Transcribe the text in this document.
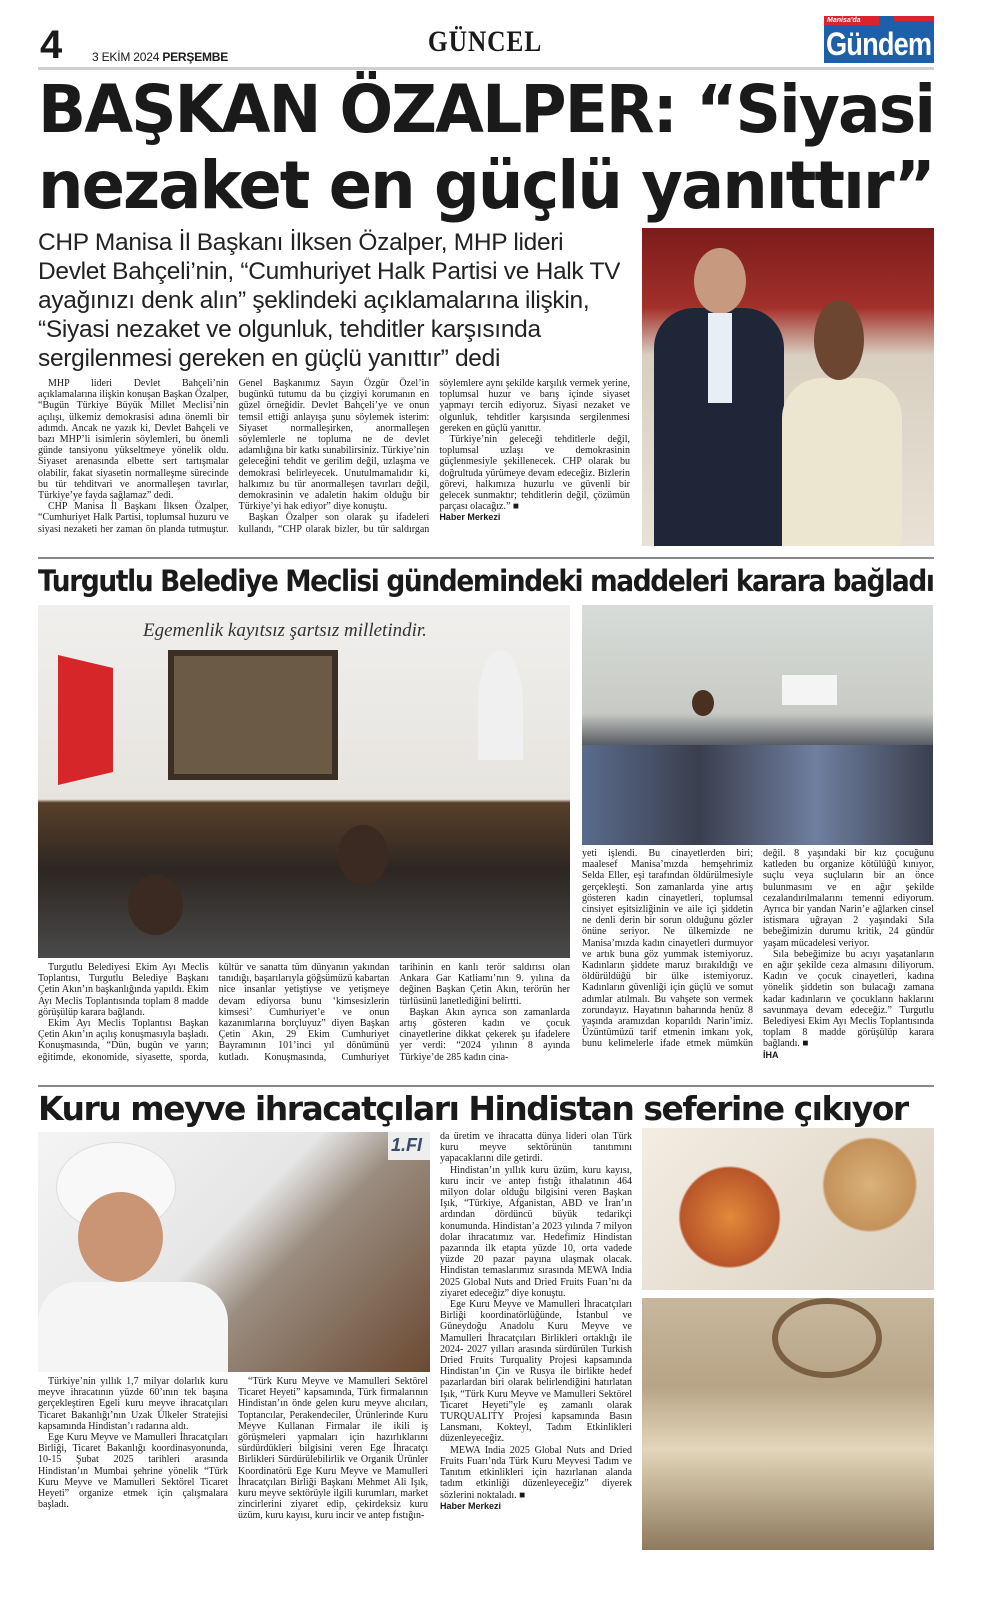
4 3 EKİM 2024 PERŞEMBE	GÜNCEL
Manisa'da
Gündem
BAŞKAN ÖZALPER: “Siyasi
nezaket en güçlü yanıttır”
CHP Manisa İl Başkanı İlksen Özalper, MHP lideri Devlet Bahçeli’nin, “Cumhuriyet Halk Partisi ve Halk TV ayağınızı denk alın” şeklindeki açıklamalarına ilişkin, “Siyasi nezaket ve olgunluk, tehditler karşısında sergilenmesi gereken en güçlü yanıttır” dedi

MHP lideri Devlet Bahçeli’nin açıklamalarına ilişkin konuşan Başkan Özalper, “Bugün Türkiye Büyük Millet Meclisi’nin açılışı, ülkemiz demokrasisi adına önemli bir adımdı. Ancak ne yazık ki, Devlet Bahçeli ve bazı MHP’li isimlerin söylemleri, bu önemli günde tansiyonu yükseltmeye yönelik oldu. Siyaset arenasında elbette sert tartışmalar olabilir, fakat siyasetin normalleşme sürecinde bu tür tehditvari ve anormalleşen tavırlar, Türkiye’ye fayda sağlamaz” dedi.

CHP Manisa İl Başkanı İlksen Özalper, “Cumhuriyet Halk Partisi, toplumsal huzuru ve siyasi nezaketi her zaman ön planda tutmuştur. Genel Başkanımız Sayın Özgür Özel’in bugünkü tutumu da bu çizgiyi korumanın en güzel örneğidir. Devlet Bahçeli’ye ve onun temsil ettiği anlayışa şunu söylemek isterim: Siyaset normalleşirken, anormalleşen söylemlerle ne topluma ne de devlet adamlığına bir katkı sunabilirsiniz. Türkiye’nin geleceğini tehdit ve gerilim değil, uzlaşma ve demokrasi belirleyecek. Unutulmamalıdır ki, halkımız bu tür anormalleşen tavırları değil, demokrasinin ve adaletin hakim olduğu bir Türkiye’yi hak ediyor” diye konuştu.

Başkan Özalper son olarak şu ifadeleri kullandı, “CHP olarak bizler, bu tür saldırgan söylemlere aynı şekilde karşılık vermek yerine, toplumsal huzur ve barış içinde siyaset yapmayı tercih ediyoruz. Siyasi nezaket ve olgunluk, tehditler karşısında sergilenmesi gereken en güçlü yanıttır.

Türkiye’nin geleceği tehditlerle değil, toplumsal uzlaşı ve demokrasinin güçlenmesiyle şekillenecek. CHP olarak bu doğrultuda yürümeye devam edeceğiz. Bizlerin görevi, halkımıza huzurlu ve güvenli bir gelecek sunmaktır; tehditlerin değil, çözümün parçası olacağız.” ■

Haber Merkezi
Turgutlu Belediye Meclisi gündemindeki maddeleri karara bağladı
Egemenlik kayıtsız şartsız milletindir.

Turgutlu Belediyesi Ekim Ayı Meclis Toplantısı, Turgutlu Belediye Başkanı Çetin Akın’ın başkanlığında yapıldı. Ekim Ayı Meclis Toplantısında toplam 8 madde görüşülüp karara bağlandı.

Ekim Ayı Meclis Toplantısı Başkan Çetin Akın’ın açılış konuşmasıyla başladı. Konuşmasında, “Dün, bugün ve yarın; eğitimde, ekonomide, siyasette, sporda, kültür ve sanatta tüm dünyanın yakından tanıdığı, başarılarıyla göğsümüzü kabartan nice insanlar yetiştiyse ve yetişmeye devam ediyorsa bunu ‘kimsesizlerin kimsesi’ Cumhuriyet’e ve onun kazanımlarına borçluyuz” diyen Başkan Çetin Akın, 29 Ekim Cumhuriyet Bayramının 101’inci yıl dönümünü kutladı. Konuşmasında, Cumhuriyet tarihinin en kanlı terör saldırısı olan Ankara Gar Katliamı’nın 9. yılına da değinen Başkan Çetin Akın, terörün her türlüsünü lanetlediğini belirtti.

Başkan Akın ayrıca son zamanlarda artış gösteren kadın ve çocuk cinayetlerine dikkat çekerek şu ifadelere yer verdi: “2024 yılının 8 ayında Türkiye’de 285 kadın cina-

yeti işlendi. Bu cinayetlerden biri; maalesef Manisa’mızda hemşehrimiz Selda Eller, eşi tarafından öldürülmesiyle gerçekleşti. Son zamanlarda yine artış gösteren kadın cinayetleri, toplumsal cinsiyet eşitsizliğinin ve aile içi şiddetin ne denli derin bir sorun olduğunu gözler önüne seriyor. Ne ülkemizde ne Manisa’mızda kadın cinayetleri durmuyor ve artık buna göz yummak istemiyoruz. Kadınların şiddete maruz bırakıldığı ve öldürüldüğü bir ülke istemiyoruz. Kadınların güvenliği için güçlü ve somut adımlar atılmalı. Bu vahşete son vermek zorundayız. Hayatının baharında henüz 8 yaşında aramızdan koparıldı Narin’imiz. Üzüntümüzü tarif etmenin imkanı yok, bunu kelimelerle ifade etmek mümkün değil. 8 yaşındaki bir kız çocuğunu katleden bu organize kötülüğü kınıyor, suçlu veya suçluların bir an önce bulunmasını ve en ağır şekilde cezalandırılmalarını temenni ediyorum. Ayrıca bir yandan Narin’e ağlarken cinsel istismara uğrayan 2 yaşındaki Sıla bebeğimizin durumu kritik, 24 gündür yaşam mücadelesi veriyor.

Sıla bebeğimize bu acıyı yaşatanların en ağır şekilde ceza almasını diliyorum. Kadın ve çocuk cinayetleri, kadına yönelik şiddetin son bulacağı zamana kadar kadınların ve çocukların haklarını savunmaya devam edeceğiz.” Turgutlu Belediyesi Ekim Ayı Meclis Toplantısında toplam 8 madde görüşülüp karara bağlandı. ■

İHA
Kuru meyve ihracatçıları Hindistan seferine çıkıyor
1.FI

Türkiye’nin yıllık 1,7 milyar dolarlık kuru meyve ihracatının yüzde 60’ının tek başına gerçekleştiren Egeli kuru meyve ihracatçıları Ticaret Bakanlığı’nın Uzak Ülkeler Stratejisi kapsamında Hindistan’ı radarına aldı.

Ege Kuru Meyve ve Mamulleri İhracatçıları Birliği, Ticaret Bakanlığı koordinasyonunda, 10-15 Şubat 2025 tarihleri arasında Hindistan’ın Mumbai şehrine yönelik “Türk Kuru Meyve ve Mamulleri Sektörel Ticaret Heyeti” organize etmek için çalışmalara başladı.

“Türk Kuru Meyve ve Mamulleri Sektörel Ticaret Heyeti” kapsamında, Türk firmalarının Hindistan’ın önde gelen kuru meyve alıcıları, Toptancılar, Perakendeciler, Ürünlerinde Kuru Meyve Kullanan Firmalar ile ikili iş görüşmeleri yapmaları için hazırlıklarını sürdürdükleri bilgisini veren Ege İhracatçı Birlikleri Sürdürülebilirlik ve Organik Ürünler Koordinatörü Ege Kuru Meyve ve Mamulleri İhracatçıları Birliği Başkanı Mehmet Ali Işık, kuru meyve sektörüyle ilgili kurumları, market zincirlerini ziyaret edip, çekirdeksiz kuru üzüm, kuru kayısı, kuru incir ve antep fıstığın-

da üretim ve ihracatta dünya lideri olan Türk kuru meyve sektörünün tanıtımını yapacaklarını dile getirdi.

Hindistan’ın yıllık kuru üzüm, kuru kayısı, kuru incir ve antep fıstığı ithalatının 464 milyon dolar olduğu bilgisini veren Başkan Işık, “Türkiye, Afganistan, ABD ve İran’ın ardından dördüncü büyük tedarikçi konumunda. Hindistan’a 2023 yılında 7 milyon dolar ihracatımız var. Hedefimiz Hindistan pazarında ilk etapta yüzde 10, orta vadede yüzde 20 pazar payına ulaşmak olacak. Hindistan temaslarımız sırasında MEWA India 2025 Global Nuts and Dried Fruits Fuarı’nı da ziyaret edeceğiz” diye konuştu.

Ege Kuru Meyve ve Mamulleri İhracatçıları Birliği koordinatörlüğünde, İstanbul ve Güneydoğu Anadolu Kuru Meyve ve Mamulleri İhracatçıları Birlikleri ortaklığı ile 2024- 2027 yılları arasında sürdürülen Turkish Dried Fruits Turquality Projesi kapsamında Hindistan’ın Çin ve Rusya ile birlikte hedef pazarlardan biri olarak belirlendiğini hatırlatan Işık, “Türk Kuru Meyve ve Mamulleri Sektörel Ticaret Heyeti”yle eş zamanlı olarak TURQUALITY Projesi kapsamında Basın Lansmanı, Kokteyl, Tadım Etkinlikleri düzenleyeceğiz.

MEWA India 2025 Global Nuts and Dried Fruits Fuarı’nda Türk Kuru Meyvesi Tadım ve Tanıtım etkinlikleri için hazırlanan alanda tadım etkinliği düzenleyeceğiz” diyerek sözlerini noktaladı. ■

Haber Merkezi
